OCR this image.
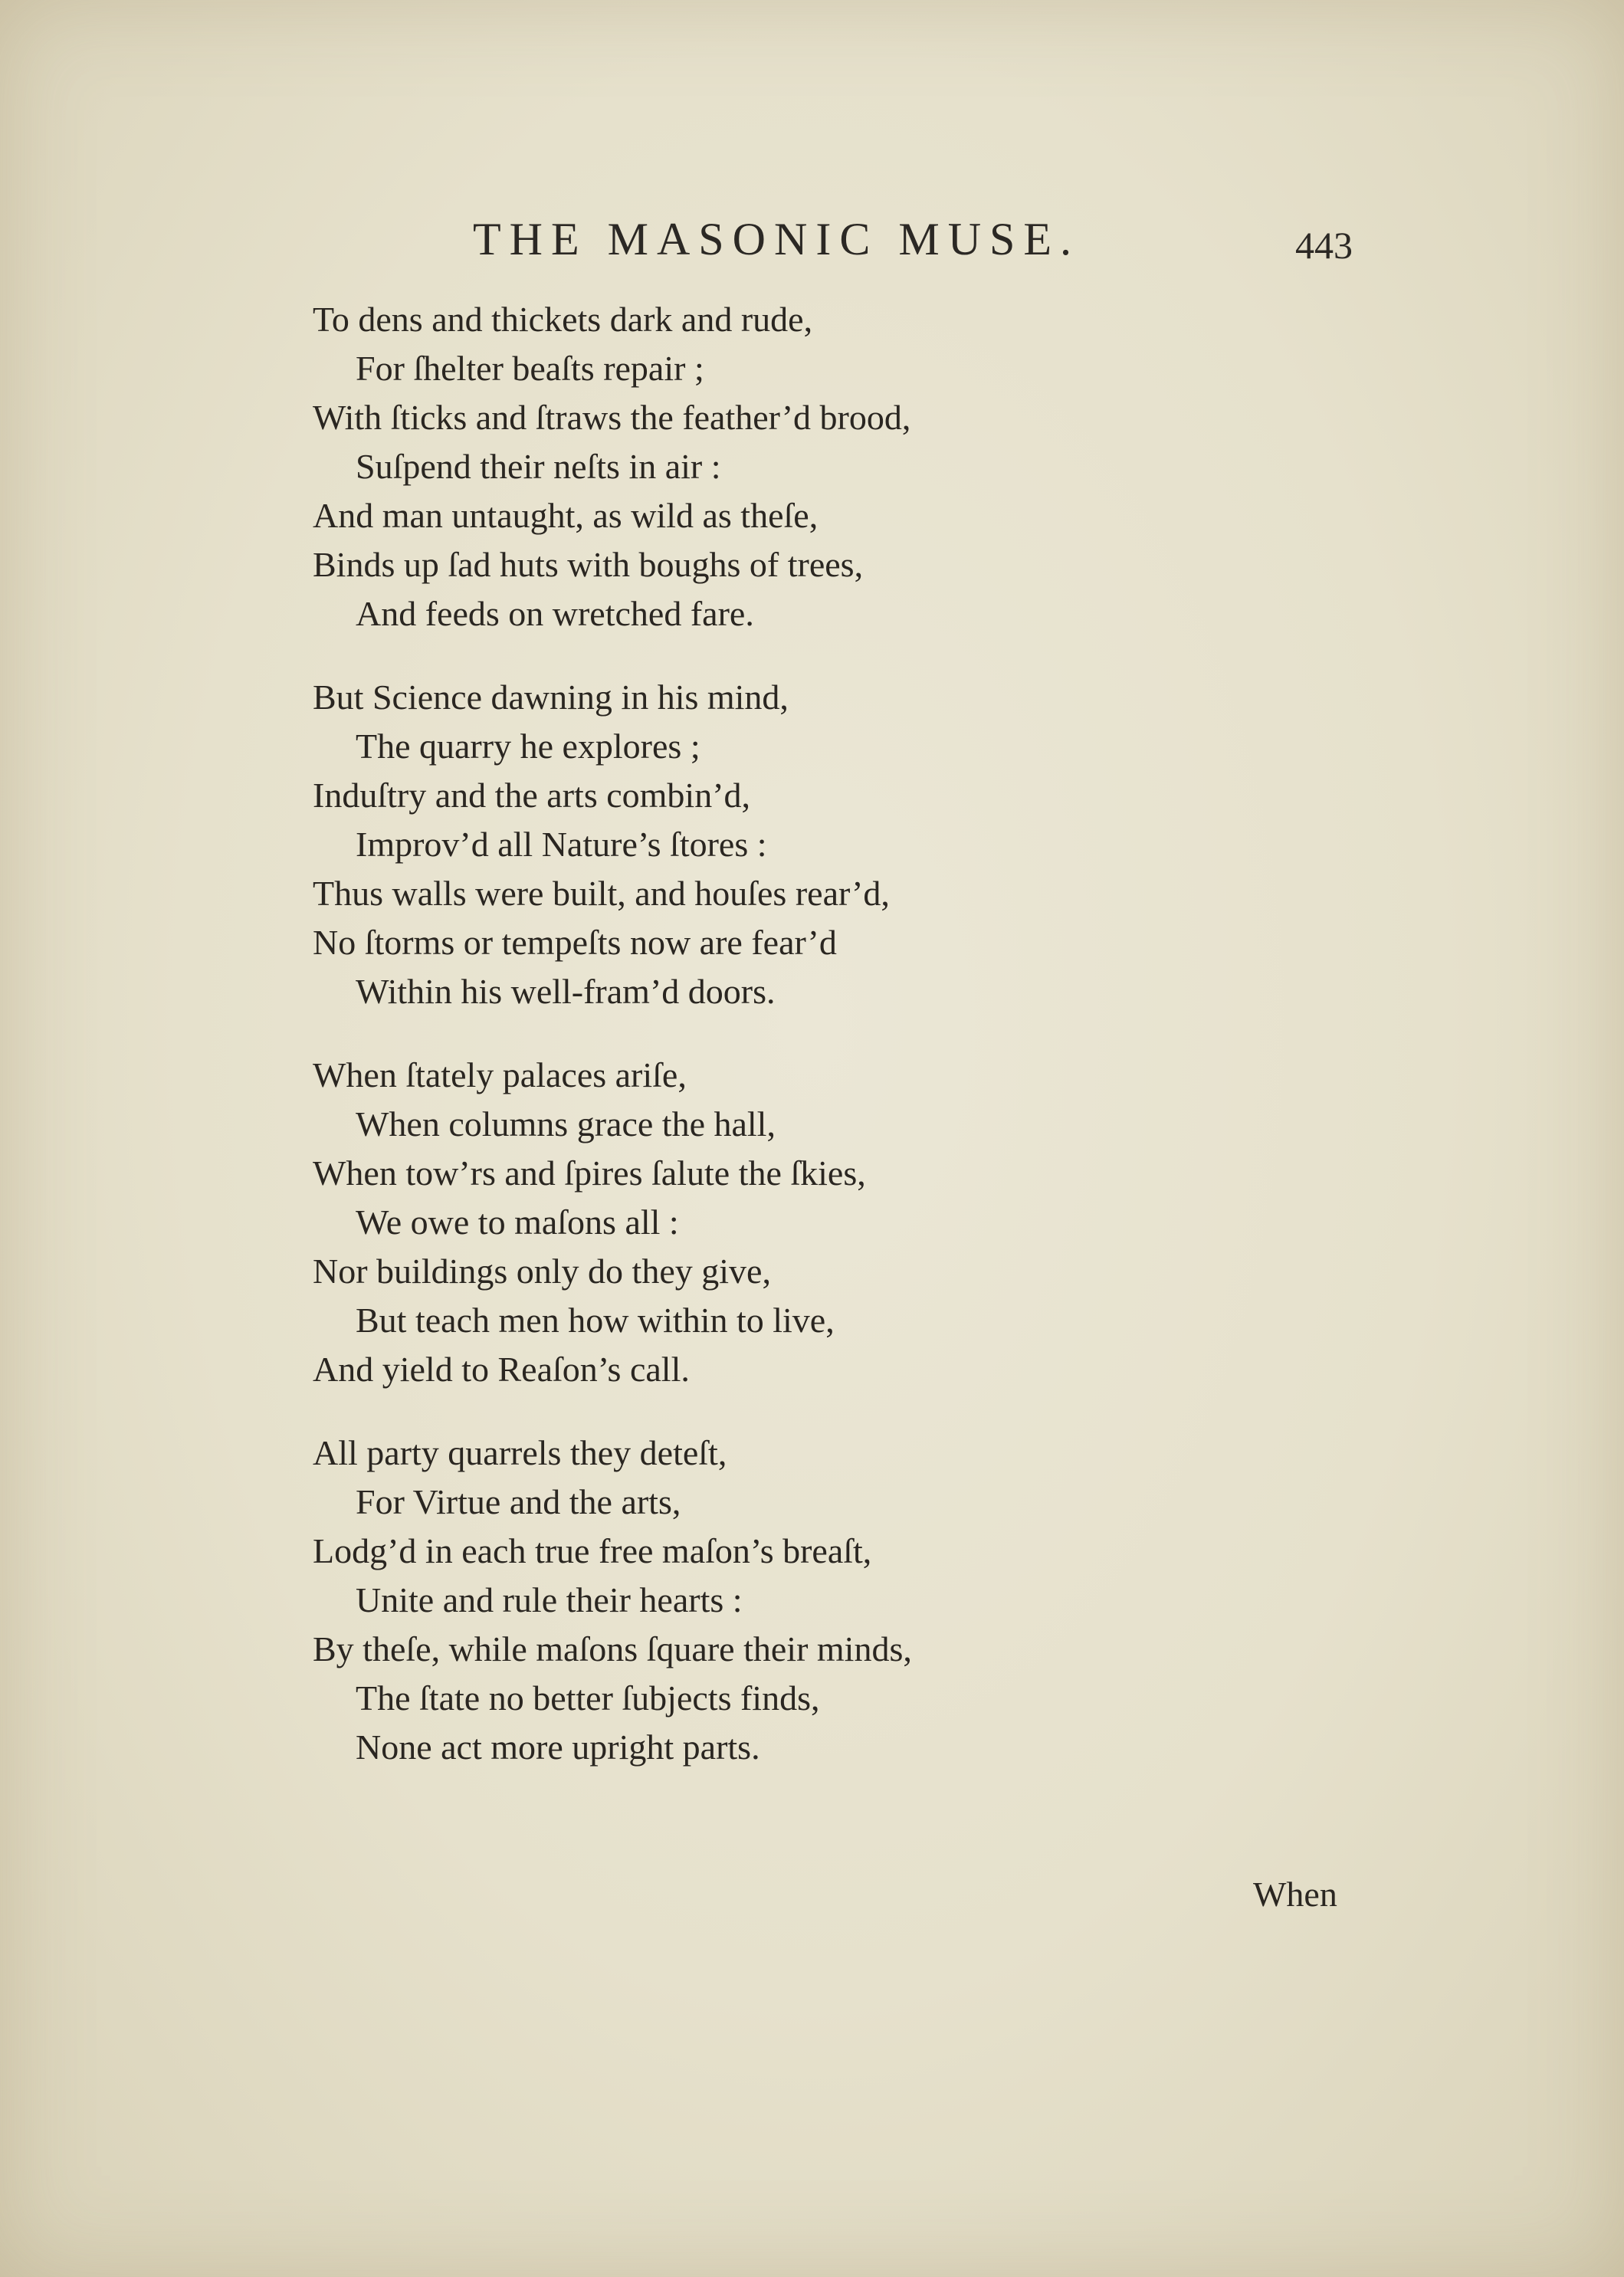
THE MASONIC MUSE.	443
To dens and thickets dark and rude,
For ſhelter beaſts repair ;
With ſticks and ſtraws the feather’d brood,
Suſpend their neſts in air :
And man untaught, as wild as theſe,
Binds up ſad huts with boughs of trees,
And feeds on wretched fare.
But Science dawning in his mind,
The quarry he explores ;
Induſtry and the arts combin’d,
Improv’d all Nature’s ſtores :
Thus walls were built, and houſes rear’d,
No ſtorms or tempeſts now are fear’d
Within his well-fram’d doors.
When ſtately palaces ariſe,
When columns grace the hall,
When tow’rs and ſpires ſalute the ſkies,
We owe to maſons all :
Nor buildings only do they give,
But teach men how within to live,
And yield to Reaſon’s call.
All party quarrels they deteſt,
For Virtue and the arts,
Lodg’d in each true free maſon’s breaſt,
Unite and rule their hearts :
By theſe, while maſons ſquare their minds,
The ſtate no better ſubjects finds,
None act more upright parts.
When
